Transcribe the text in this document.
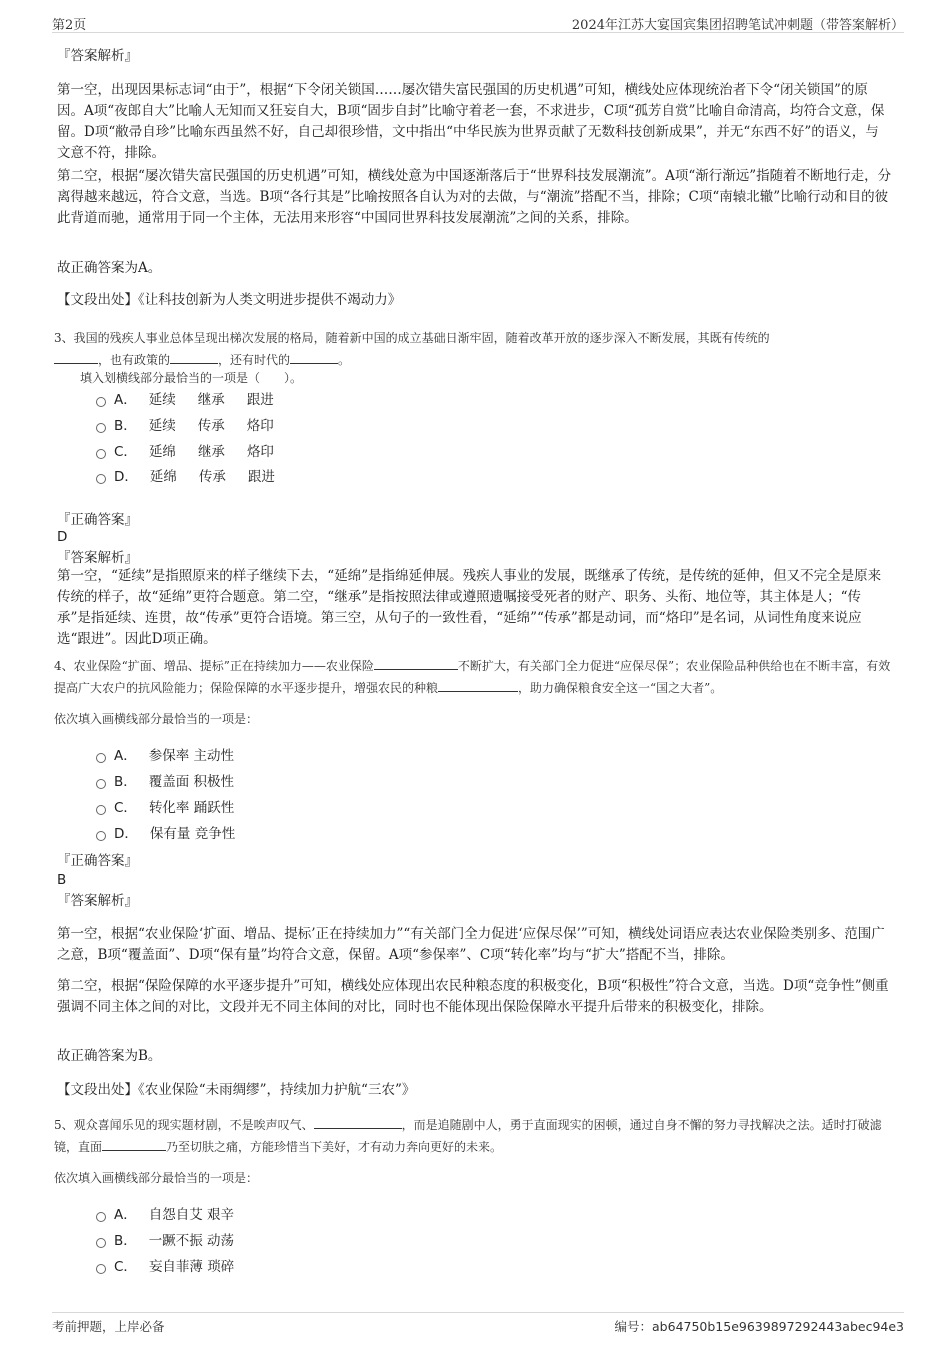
第2页	2024年江苏大宴国宾集团招聘笔试冲刺题（带答案解析）

『答案解析』

第一空，出现因果标志词“由于”，根据“下令闭关锁国……屡次错失富民强国的历史机遇”可知，横线处应体现统治者下令“闭关锁国”的原因。A项“夜郎自大”比喻人无知而又狂妄自大，B项“固步自封”比喻守着老一套，不求进步，C项“孤芳自赏”比喻自命清高，均符合文意，保留。D项“敝帚自珍”比喻东西虽然不好，自己却很珍惜，文中指出“中华民族为世界贡献了无数科技创新成果”，并无“东西不好”的语义，与文意不符，排除。

第二空，根据“屡次错失富民强国的历史机遇”可知，横线处意为中国逐渐落后于“世界科技发展潮流”。A项“渐行渐远”指随着不断地行走，分离得越来越远，符合文意，当选。B项“各行其是”比喻按照各自认为对的去做，与“潮流”搭配不当，排除；C项“南辕北辙”比喻行动和目的彼此背道而驰，通常用于同一个主体，无法用来形容“中国同世界科技发展潮流”之间的关系，排除。

故正确答案为A。

【文段出处】《让科技创新为人类文明进步提供不竭动力》

3、我国的残疾人事业总体呈现出梯次发展的格局，随着新中国的成立基础日渐牢固，随着改革开放的逐步深入不断发展，其既有传统的
，也有政策的	，还有时代的	。

填入划横线部分最恰当的一项是（　　）。

A． 延续 继承 跟进
B． 延续 传承 烙印
C． 延绵 继承 烙印
D． 延绵 传承 跟进

『正确答案』

D

『答案解析』

第一空，“延续”是指照原来的样子继续下去，“延绵”是指绵延伸展。残疾人事业的发展，既继承了传统，是传统的延伸，但又不完全是原来传统的样子，故“延绵”更符合题意。第二空，“继承”是指按照法律或遵照遗嘱接受死者的财产、职务、头衔、地位等，其主体是人；“传承”是指延续、连贯，故“传承”更符合语境。第三空，从句子的一致性看，“延绵”“传承”都是动词，而“烙印”是名词，从词性角度来说应选“跟进”。因此D项正确。

4、农业保险“扩面、增品、提标”正在持续加力——农业保险	不断扩大，有关部门全力促进“应保尽保”；农业保险品种供给也在不断丰富，有效提高广大农户的抗风险能力；保险保障的水平逐步提升，增强农民的种粮	，助力确保粮食安全这一“国之大者”。

依次填入画横线部分最恰当的一项是：

A． 参保率 主动性
B． 覆盖面 积极性
C． 转化率 踊跃性
D． 保有量 竞争性

『正确答案』

B

『答案解析』

第一空，根据“农业保险‘扩面、增品、提标’正在持续加力”“有关部门全力促进‘应保尽保’”可知，横线处词语应表达农业保险类别多、范围广之意，B项“覆盖面”、D项“保有量”均符合文意，保留。A项“参保率”、C项“转化率”均与“扩大”搭配不当，排除。

第二空，根据“保险保障的水平逐步提升”可知，横线处应体现出农民种粮态度的积极变化，B项“积极性”符合文意，当选。D项“竞争性”侧重强调不同主体之间的对比，文段并无不同主体间的对比，同时也不能体现出保险保障水平提升后带来的积极变化，排除。

故正确答案为B。

【文段出处】《农业保险“未雨绸缪”，持续加力护航“三农”》

5、观众喜闻乐见的现实题材剧，不是唉声叹气、	，而是追随剧中人，勇于直面现实的困顿，通过自身不懈的努力寻找解决之法。适时打破滤镜，直面	乃至切肤之痛，方能珍惜当下美好，才有动力奔向更好的未来。

依次填入画横线部分最恰当的一项是：

A． 自怨自艾 艰辛
B． 一蹶不振 动荡
C． 妄自菲薄 琐碎
考前押题，上岸必备	编号：ab64750b15e9639897292443abec94e3
